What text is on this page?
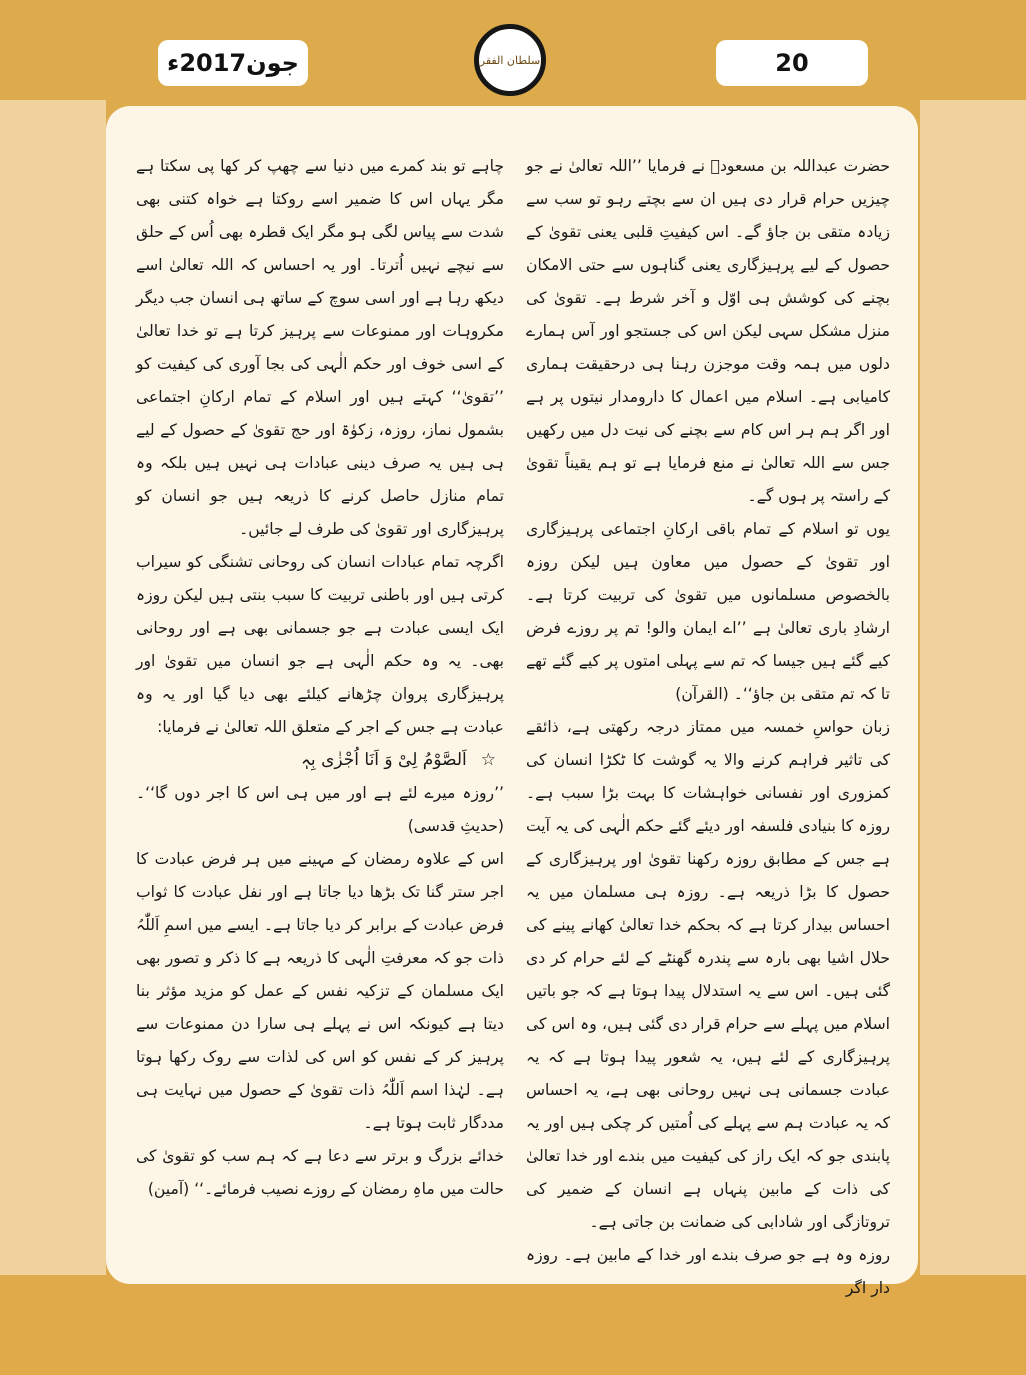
20
سلطان الفقر
جون2017ء

حضرت عبداللہ بن مسعودؓ نے فرمایا ’’اللہ تعالیٰ نے جو چیزیں حرام قرار دی ہیں ان سے بچتے رہو تو سب سے زیادہ متقی بن جاؤ گے۔ اس کیفیتِ قلبی یعنی تقویٰ کے حصول کے لیے پرہیزگاری یعنی گناہوں سے حتی الامکان بچنے کی کوشش ہی اوّل و آخر شرط ہے۔ تقویٰ کی منزل مشکل سہی لیکن اس کی جستجو اور آس ہمارے دلوں میں ہمہ وقت موجزن رہنا ہی درحقیقت ہماری کامیابی ہے۔ اسلام میں اعمال کا دارومدار نیتوں پر ہے اور اگر ہم ہر اس کام سے بچنے کی نیت دل میں رکھیں جس سے اللہ تعالیٰ نے منع فرمایا ہے تو ہم یقیناً تقویٰ کے راستہ پر ہوں گے۔

یوں تو اسلام کے تمام باقی ارکانِ اجتماعی پرہیزگاری اور تقویٰ کے حصول میں معاون ہیں لیکن روزہ بالخصوص مسلمانوں میں تقویٰ کی تربیت کرتا ہے۔ ارشادِ باری تعالیٰ ہے ’’اے ایمان والو! تم پر روزے فرض کیے گئے ہیں جیسا کہ تم سے پہلی امتوں پر کیے گئے تھے تا کہ تم متقی بن جاؤ‘‘۔ (القرآن)

زبان حواسِ خمسہ میں ممتاز درجہ رکھتی ہے، ذائقے کی تاثیر فراہم کرنے والا یہ گوشت کا ٹکڑا انسان کی کمزوری اور نفسانی خواہشات کا بہت بڑا سبب ہے۔ روزہ کا بنیادی فلسفہ اور دیئے گئے حکم الٰہی کی یہ آیت ہے جس کے مطابق روزہ رکھنا تقویٰ اور پرہیزگاری کے حصول کا بڑا ذریعہ ہے۔ روزہ ہی مسلمان میں یہ احساس بیدار کرتا ہے کہ بحکم خدا تعالیٰ کھانے پینے کی حلال اشیا بھی بارہ سے پندرہ گھنٹے کے لئے حرام کر دی گئی ہیں۔ اس سے یہ استدلال پیدا ہوتا ہے کہ جو باتیں اسلام میں پہلے سے حرام قرار دی گئی ہیں، وہ اس کی پرہیزگاری کے لئے ہیں، یہ شعور پیدا ہوتا ہے کہ یہ عبادت جسمانی ہی نہیں روحانی بھی ہے، یہ احساس کہ یہ عبادت ہم سے پہلے کی اُمتیں کر چکی ہیں اور یہ پابندی جو کہ ایک راز کی کیفیت میں بندے اور خدا تعالیٰ کی ذات کے مابین پنہاں ہے انسان کے ضمیر کی تروتازگی اور شادابی کی ضمانت بن جاتی ہے۔

روزہ وہ ہے جو صرف بندے اور خدا کے مابین ہے۔ روزہ دار اگر

چاہے تو بند کمرے میں دنیا سے چھپ کر کھا پی سکتا ہے مگر یہاں اس کا ضمیر اسے روکتا ہے خواہ کتنی بھی شدت سے پیاس لگی ہو مگر ایک قطرہ بھی اُس کے حلق سے نیچے نہیں اُترتا۔ اور یہ احساس کہ اللہ تعالیٰ اسے دیکھ رہا ہے اور اسی سوچ کے ساتھ ہی انسان جب دیگر مکروہات اور ممنوعات سے پرہیز کرتا ہے تو خدا تعالیٰ کے اسی خوف اور حکم الٰہی کی بجا آوری کی کیفیت کو ’’تقویٰ‘‘ کہتے ہیں اور اسلام کے تمام ارکانِ اجتماعی بشمول نماز، روزہ، زکوٰۃ اور حج تقویٰ کے حصول کے لیے ہی ہیں یہ صرف دینی عبادات ہی نہیں ہیں بلکہ وہ تمام منازل حاصل کرنے کا ذریعہ ہیں جو انسان کو پرہیزگاری اور تقویٰ کی طرف لے جائیں۔

اگرچہ تمام عبادات انسان کی روحانی تشنگی کو سیراب کرتی ہیں اور باطنی تربیت کا سبب بنتی ہیں لیکن روزہ ایک ایسی عبادت ہے جو جسمانی بھی ہے اور روحانی بھی۔ یہ وہ حکم الٰہی ہے جو انسان میں تقویٰ اور پرہیزگاری پروان چڑھانے کیلئے بھی دیا گیا اور یہ وہ عبادت ہے جس کے اجر کے متعلق اللہ تعالیٰ نے فرمایا:

☆اَلصَّوْمُ لِیْ وَ اَنَا اُجْزٰی بِہٖ

’’روزہ میرے لئے ہے اور میں ہی اس کا اجر دوں گا‘‘۔ (حدیثِ قدسی)

اس کے علاوہ رمضان کے مہینے میں ہر فرض عبادت کا اجر ستر گنا تک بڑھا دیا جاتا ہے اور نفل عبادت کا ثواب فرض عبادت کے برابر کر دیا جاتا ہے۔ ایسے میں اسمِ اَللّٰہُ ذات جو کہ معرفتِ الٰہی کا ذریعہ ہے کا ذکر و تصور بھی ایک مسلمان کے تزکیہ نفس کے عمل کو مزید مؤثر بنا دیتا ہے کیونکہ اس نے پہلے ہی سارا دن ممنوعات سے پرہیز کر کے نفس کو اس کی لذات سے روک رکھا ہوتا ہے۔ لہٰذا اسم اَللّٰہُ ذات تقویٰ کے حصول میں نہایت ہی مددگار ثابت ہوتا ہے۔

خدائے بزرگ و برتر سے دعا ہے کہ ہم سب کو تقویٰ کی حالت میں ماہِ رمضان کے روزے نصیب فرمائے۔‘‘ (آمین)
